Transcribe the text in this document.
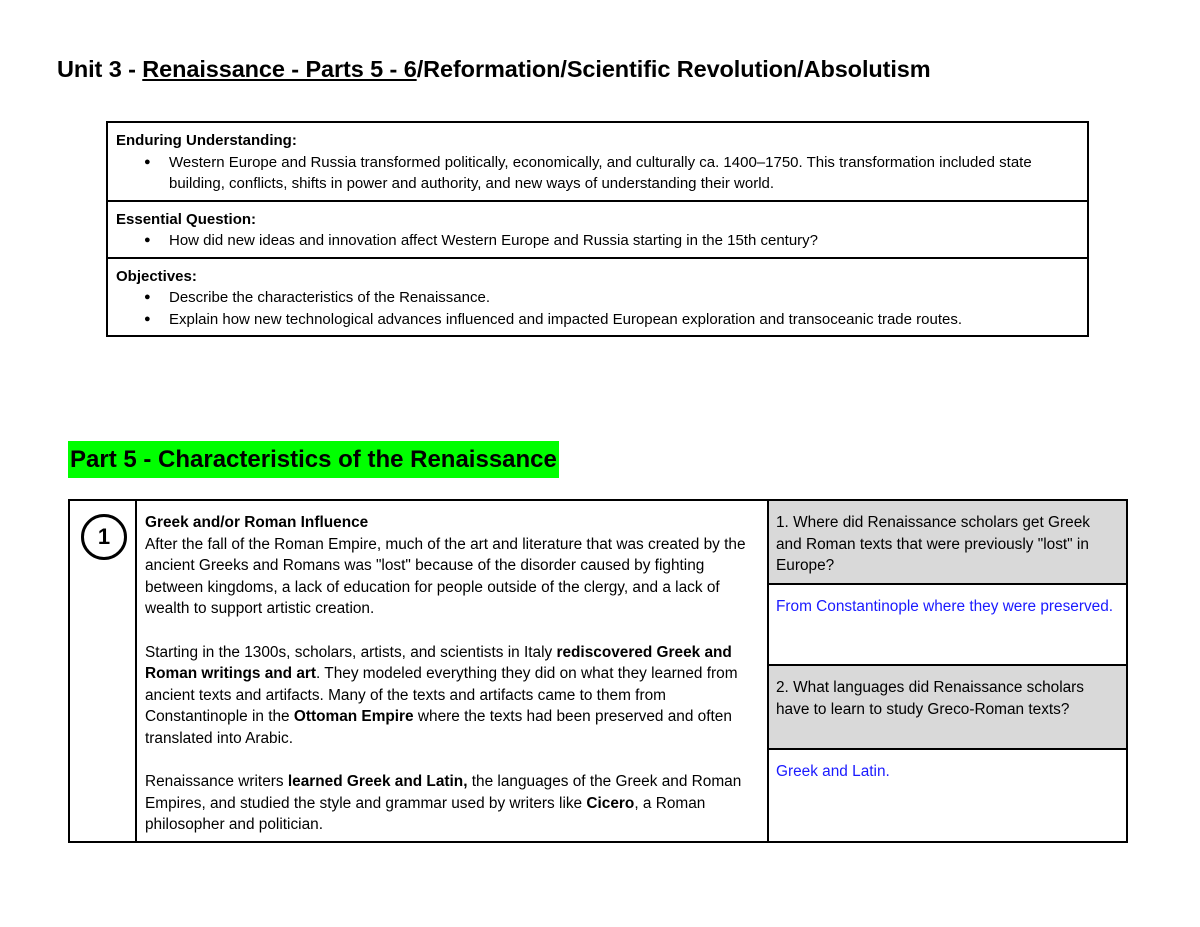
Unit 3 - Renaissance - Parts 5 - 6/Reformation/Scientific Revolution/Absolutism
Enduring Understanding:
● Western Europe and Russia transformed politically, economically, and culturally ca. 1400–1750. This transformation included state building, conflicts, shifts in power and authority, and new ways of understanding their world.
Essential Question:
● How did new ideas and innovation affect Western Europe and Russia starting in the 15th century?
Objectives:
● Describe the characteristics of the Renaissance.
● Explain how new technological advances influenced and impacted European exploration and transoceanic trade routes.
Part 5 - Characteristics of the Renaissance
1
Greek and/or Roman Influence

After the fall of the Roman Empire, much of the art and literature that was created by the ancient Greeks and Romans was "lost" because of the disorder caused by fighting between kingdoms, a lack of education for people outside of the clergy, and a lack of wealth to support artistic creation.

Starting in the 1300s, scholars, artists, and scientists in Italy rediscovered Greek and Roman writings and art. They modeled everything they did on what they learned from ancient texts and artifacts. Many of the texts and artifacts came to them from Constantinople in the Ottoman Empire where the texts had been preserved and often translated into Arabic.

Renaissance writers learned Greek and Latin, the languages of the Greek and Roman Empires, and studied the style and grammar used by writers like Cicero, a Roman philosopher and politician.

1. Where did Renaissance scholars get Greek and Roman texts that were previously "lost" in Europe?
From Constantinople where they were preserved.
2. What languages did Renaissance scholars have to learn to study Greco-Roman texts?
Greek and Latin.
